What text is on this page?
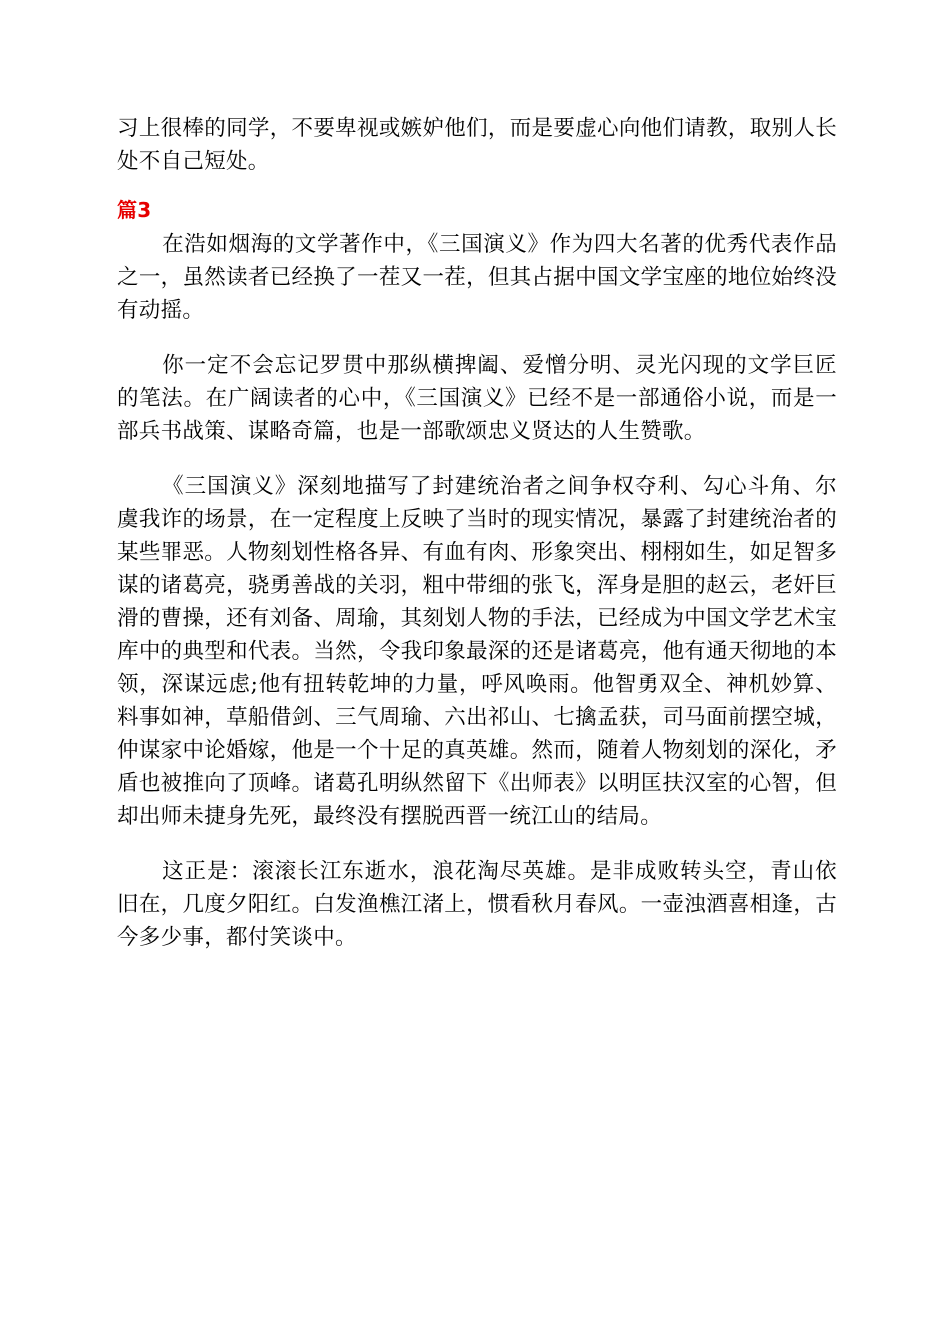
习上很棒的同学，不要卑视或嫉妒他们，而是要虚心向他们请教，取别人长处不自己短处。

篇3

在浩如烟海的文学著作中，《三国演义》作为四大名著的优秀代表作品之一，虽然读者已经换了一茬又一茬，但其占据中国文学宝座的地位始终没有动摇。

你一定不会忘记罗贯中那纵横捭阖、爱憎分明、灵光闪现的文学巨匠的笔法。在广阔读者的心中，《三国演义》已经不是一部通俗小说，而是一部兵书战策、谋略奇篇，也是一部歌颂忠义贤达的人生赞歌。

《三国演义》深刻地描写了封建统治者之间争权夺利、勾心斗角、尔虞我诈的场景，在一定程度上反映了当时的现实情况，暴露了封建统治者的某些罪恶。人物刻划性格各异、有血有肉、形象突出、栩栩如生，如足智多谋的诸葛亮，骁勇善战的关羽，粗中带细的张飞，浑身是胆的赵云，老奸巨滑的曹操，还有刘备、周瑜，其刻划人物的手法，已经成为中国文学艺术宝库中的典型和代表。当然，令我印象最深的还是诸葛亮，他有通天彻地的本领，深谋远虑;他有扭转乾坤的力量，呼风唤雨。他智勇双全、神机妙算、料事如神，草船借剑、三气周瑜、六出祁山、七擒孟获，司马面前摆空城，仲谋家中论婚嫁，他是一个十足的真英雄。然而，随着人物刻划的深化，矛盾也被推向了顶峰。诸葛孔明纵然留下《出师表》以明匡扶汉室的心智，但却出师未捷身先死，最终没有摆脱西晋一统江山的结局。

这正是：滚滚长江东逝水，浪花淘尽英雄。是非成败转头空，青山依旧在，几度夕阳红。白发渔樵江渚上，惯看秋月春风。一壶浊酒喜相逢，古今多少事，都付笑谈中。
